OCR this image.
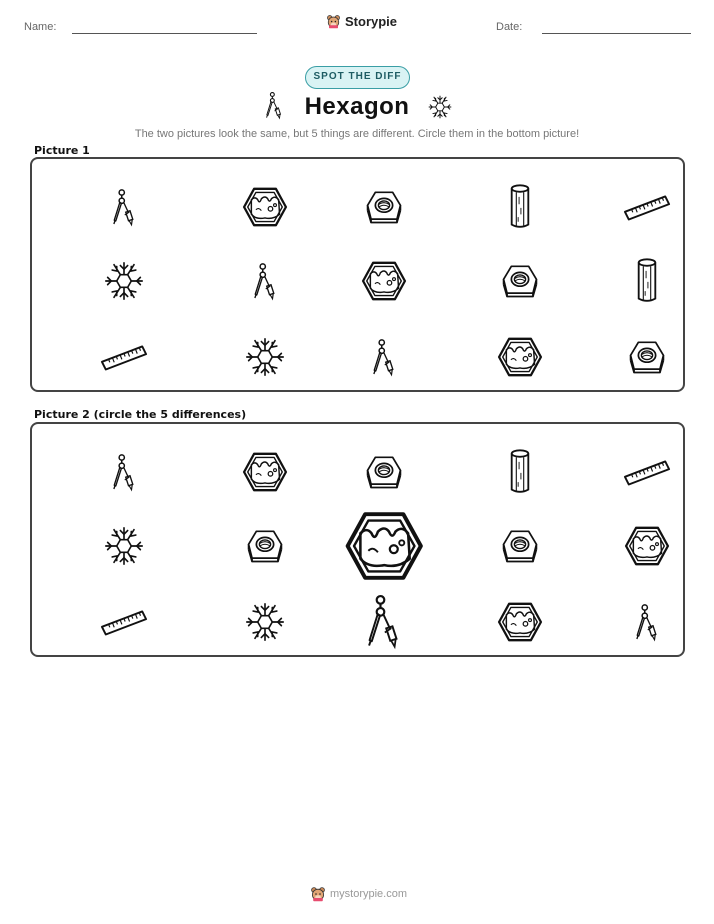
Name:	Storypie	Date:
SPOT THE DIFF
Hexagon
The two pictures look the same, but 5 things are different. Circle them in the bottom picture!
Picture 1
Picture 2 (circle the 5 differences)
mystorypie.com
